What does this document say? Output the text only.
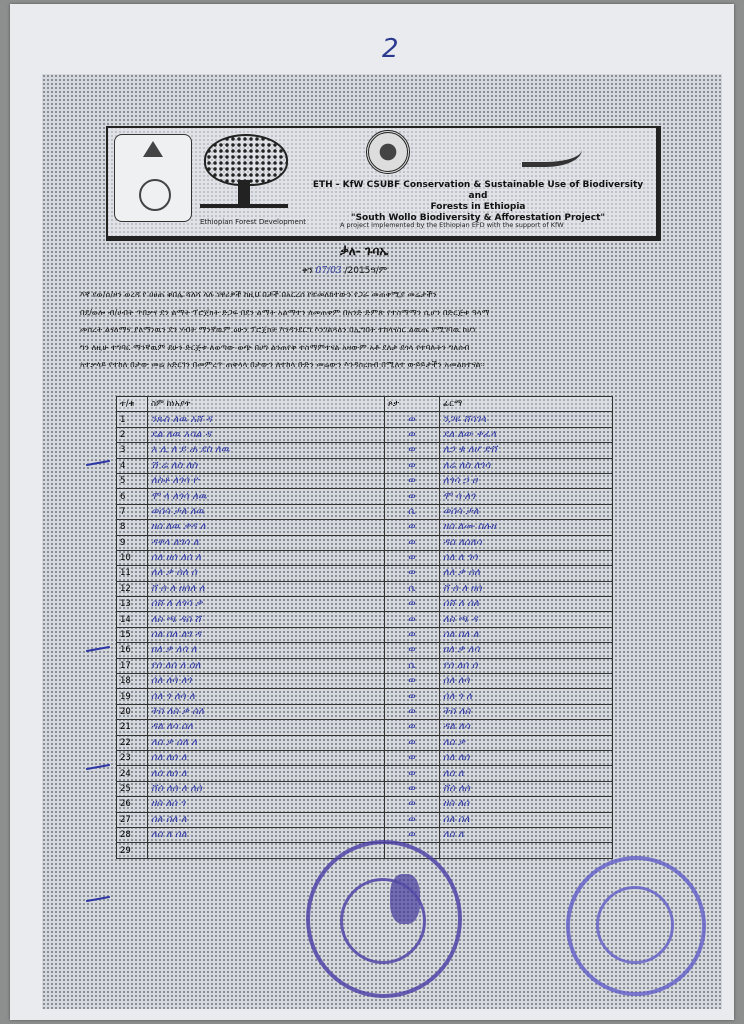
2
Ethiopian Forest Development
ETH - KfW CSUBF Conservation & Sustainable Use of Biodiversity and
Forests in Ethiopia
"South Wollo Biodiversity & Afforestation Project"
A project implemented by the Ethiopian EFD with the support of KfW
ቃለ- ጉባኤ
ቀን 07/03 /2015ዓ/ም
እኛ የወ/ሰ/ዞን ወረዳ የ ዐፀጠ ቀበሌ ሻለሻ ላሉ ነዋሪዎች ከዚህ በታች በአርረሰ የተመለከተውን የጋራ መጠቀሚያ መሬታችን
በደ/ወሎ ብ/ሀብት ጥበቃና ደን ልማት ፕሮጀክት ድጋፍ በደን ልማት አልማተን ለመጠቀም በአንድ ድምጽ የተስማማን ሲሆን በድርጅቱ ዓላማ
መሰረት ልናለማና ያለማነዉን ደን ሃብት ማንኛዉም ዕሁን ፕሮጀክት እንዳንደርግ እንገልጻለን በኢግበት ተከላናስር ልዉጤ የሚገባዉ ከሆነ
ግን ለዚሁ ተግባር ማንኛዉም ደሁን ድርጅቱ ለወጣው ወጭ በሀግ ልንጠየቅ ተስማምተናል አዛውም አቶ ደለታ ደጎላ የተባሉትን ግለሰብ
አተቃላይ የተከለ በታው መሬ አድርገን በመምረጥ ጠቅላላ በታውን ለተከላ ቡድን መሬውን እንዳስረክብ በሚለተ ውይይታችን አመልክተናል፡፡
ተ/ቁ	ስም ከነአያት	ጾታ	ፊርማ
1	ንጹስ ለዉ አሸ ዳ	ወ	ንጋዬ ሸሳገላ
2	ደል ለዉ አሳል ዳ	ወ	ደለ ለው ቀፈላ
3	አ ሊ ለ ይ ሐ ደስ ለዉ	ወ	ለኃ ቁ ለሆ ድሸ
4	ሽ ሬ ለስ ለስ	ወ	ለሬ ለስ ለጎሳ
5	ለስቶ ለጎሳ ዮ	ወ	ለጎሳ ኃ ዐ
6	ሞ ላ ለጎሳ ለዉ	ወ	ሞ ሳ ለጎ
7	ወሰሳ ታለ ለዉ	ሴ	ወሰሳ ታለ
8	ዘሰ ለዉ ቃዳ ለ	ወ	ዘሰ ለሙ ስሉዘ
9	ዳቀላ ለጎሳ ለ	ወ	ዳሰ ለሰለሳ
10	ሰለ ዘሰ ለሰ ለ	ወ	ሰለ ለ ጎሳ
11	ለለ ቃ ሰለ ሰ	ወ	ለለ ቃ ሰለ
12	ሸ ሰ ለ ዘሰለ ለ	ሴ	ሸ ሰ ለ ዘሰ
13	ሰሸ ለ ለጎሳ ቃ	ወ	ሰሸ ለ ሰለ
14	ለስ ጫ ዳሰ ሸ	ወ	ለስ ጫ ዳ
15	ሰለ ሰለ ለጎ ዳ	ወ	ሰለ ሰለ ለ
16	ዐለ ቃ ለሳ ለ	ወ	ዐለ ቃ ለሳ
17	የሰ ለሰ ለ ሰለ	ሴ	የሰ ለሰ ሰ
18	ሰለ ለሳ ለጎ	ወ	ሰለ ለሳ
19	ሰለ ጎ ለሳ ለ	ወ	ሰለ ጎ ለ
20	ትሰ ለሰ ቃ ሰለ	ወ	ትሰ ለሰ
21	ዳለ ለሳ ሰለ	ወ	ዳለ ለሳ
22	ለሰ ቃ ሰለ ለ	ወ	ለሰ ቃ
23	ሰለ ለሰ ለ	ወ	ሰለ ለሰ
24	ለሰ ለሰ ለ	ወ	ለሰ ለ
25	ሸሰ ለሰ ለ ለሰ	ወ	ሸሰ ለሰ
26	ዘሰ ለሰ ጎ	ወ	ዘሰ ለሰ
27	ሰለ ሰለ ለ	ወ	ሰለ ሰለ
28	ለሰ ለ ሰለ	ወ	ለሰ ለ
29			
